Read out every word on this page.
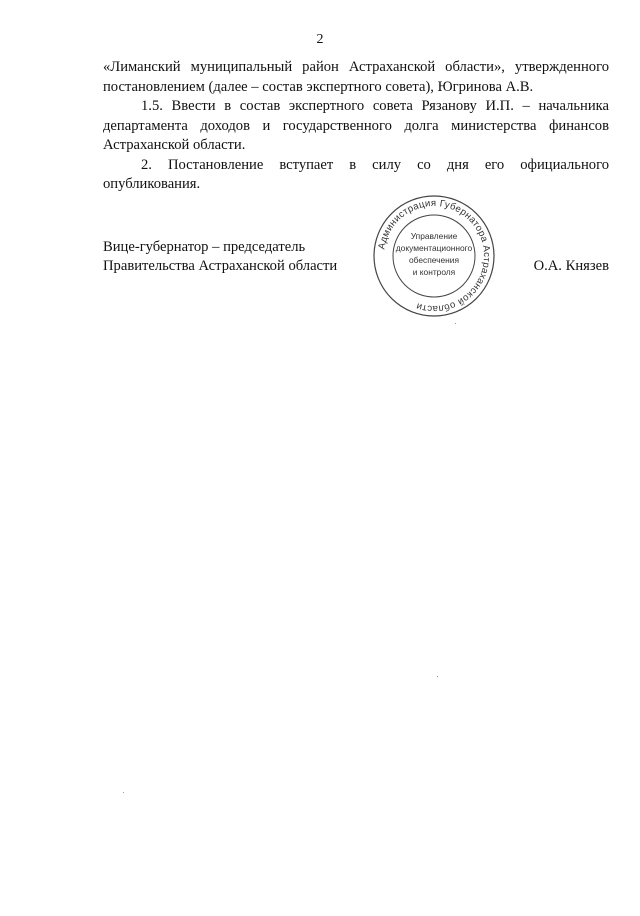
2

«Лиманский муниципальный район Астраханской области», утвержденного постановлением (далее – состав экспертного совета), Югринова А.В.

1.5. Ввести в состав экспертного совета Рязанову И.П. – начальника департамента доходов и государственного долга министерства финансов Астраханской области.

2. Постановление вступает в силу со дня его официального опубликования.

Вице-губернатор – председатель
Правительства Астраханской области	О.А. Князев
Администрация Губернатора Астраханской области
Управление
документационного
обеспечения
и контроля
